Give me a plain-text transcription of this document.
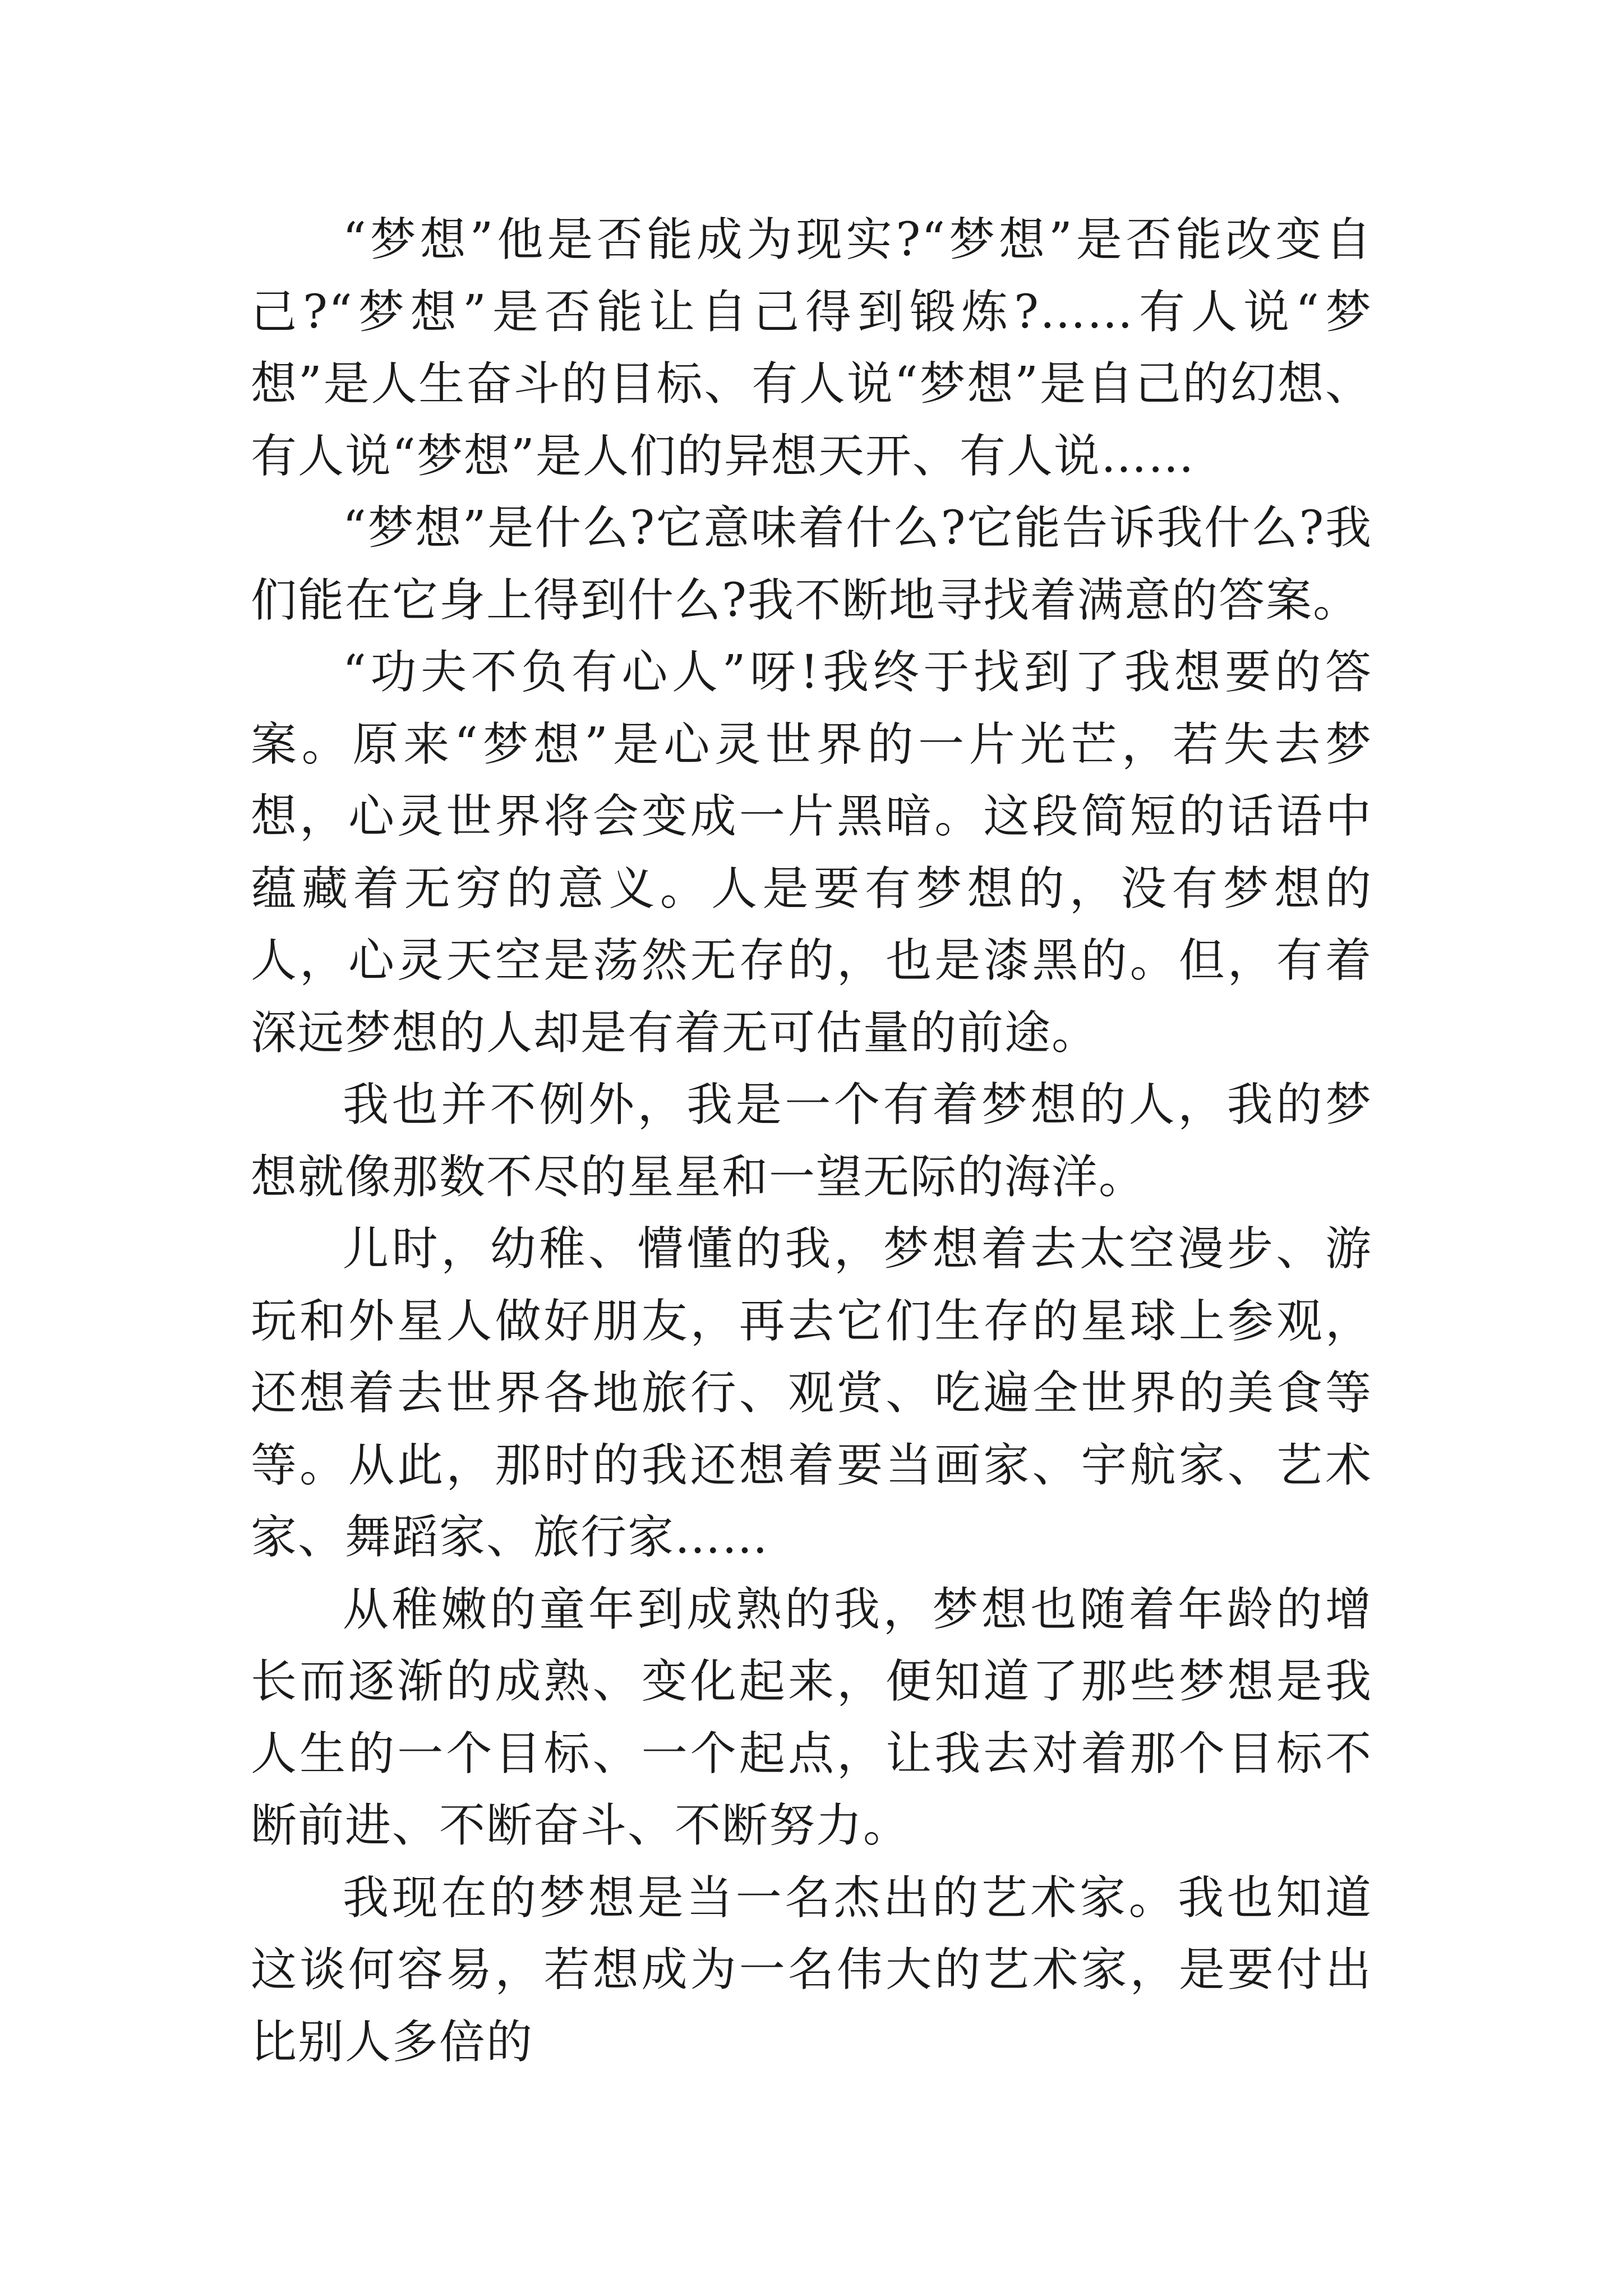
“梦想”他是否能成为现实?“梦想”是否能改变自己?“梦想”是否能让自己得到锻炼?……有人说“梦想”是人生奋斗的目标、有人说“梦想”是自己的幻想、有人说“梦想”是人们的异想天开、有人说……

“梦想”是什么?它意味着什么?它能告诉我什么?我们能在它身上得到什么?我不断地寻找着满意的答案。

“功夫不负有心人”呀!我终于找到了我想要的答案。原来“梦想”是心灵世界的一片光芒，若失去梦想，心灵世界将会变成一片黑暗。这段简短的话语中蕴藏着无穷的意义。人是要有梦想的，没有梦想的人，心灵天空是荡然无存的，也是漆黑的。但，有着深远梦想的人却是有着无可估量的前途。

我也并不例外，我是一个有着梦想的人，我的梦想就像那数不尽的星星和一望无际的海洋。

儿时，幼稚、懵懂的我，梦想着去太空漫步、游玩和外星人做好朋友，再去它们生存的星球上参观，还想着去世界各地旅行、观赏、吃遍全世界的美食等等。从此，那时的我还想着要当画家、宇航家、艺术家、舞蹈家、旅行家……

从稚嫩的童年到成熟的我，梦想也随着年龄的增长而逐渐的成熟、变化起来，便知道了那些梦想是我人生的一个目标、一个起点，让我去对着那个目标不断前进、不断奋斗、不断努力。

我现在的梦想是当一名杰出的艺术家。我也知道这谈何容易，若想成为一名伟大的艺术家，是要付出比别人多倍的
